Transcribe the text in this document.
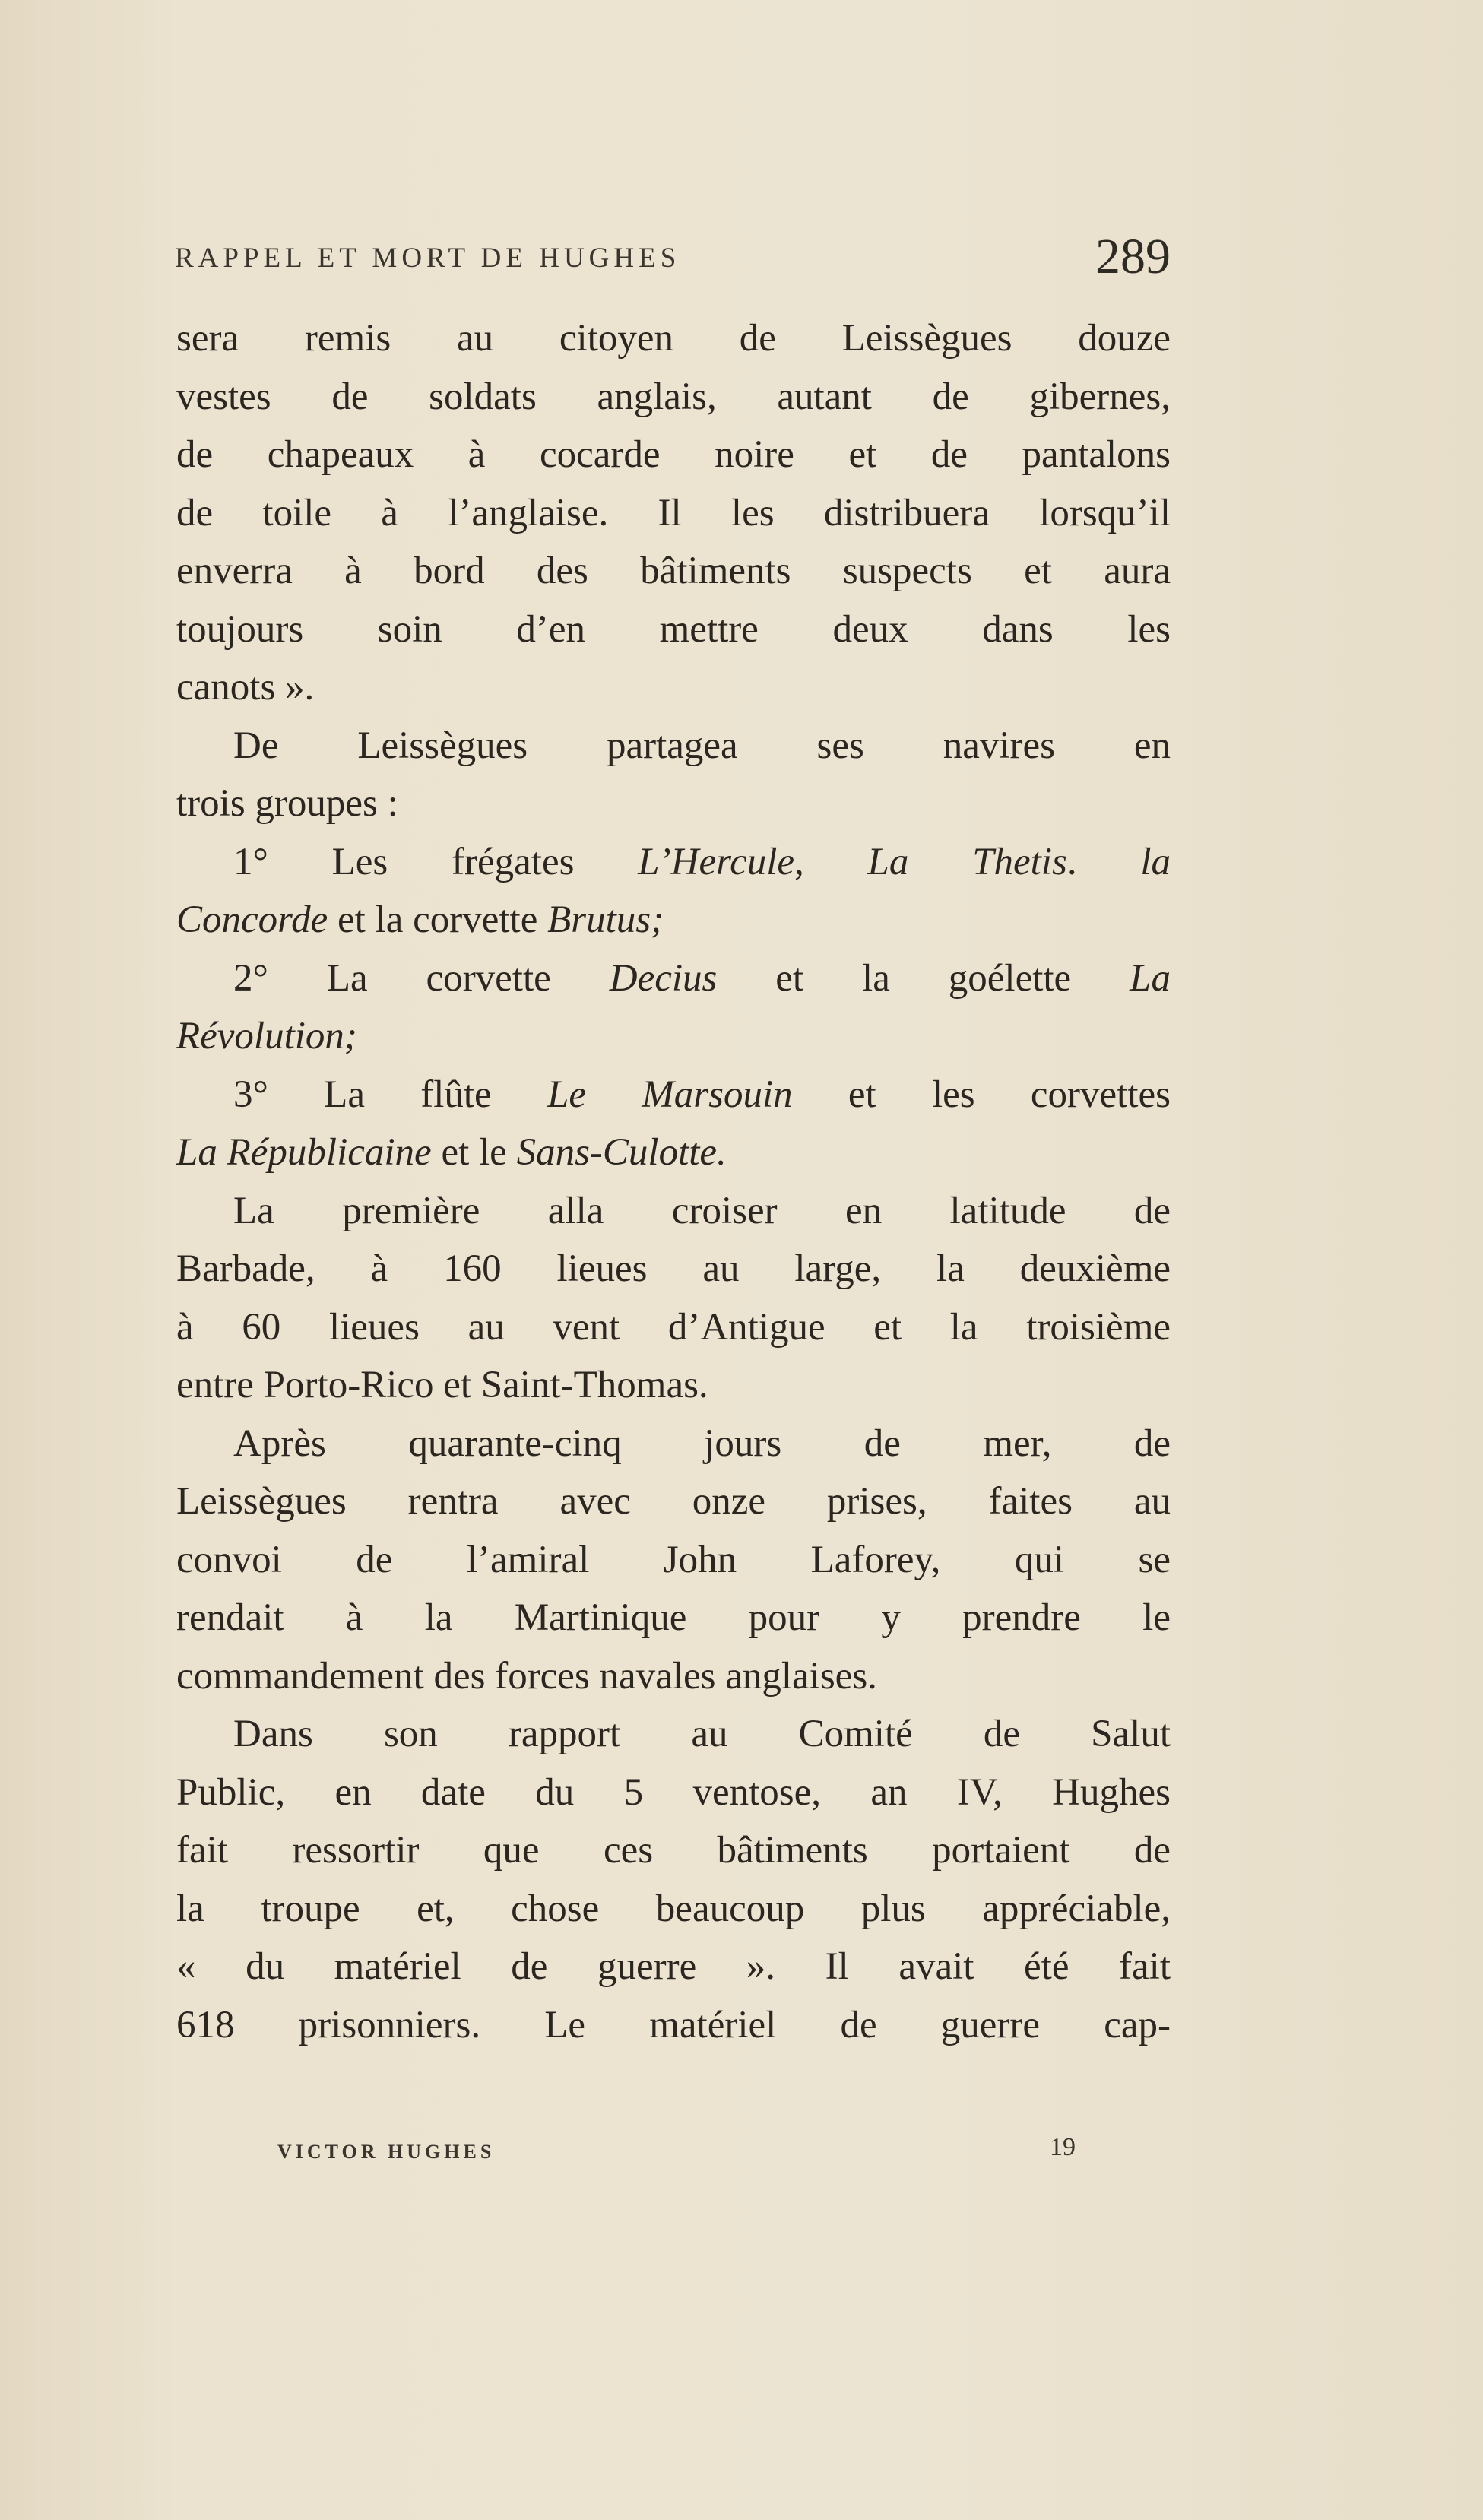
RAPPEL ET MORT DE HUGHES	289
sera remis au citoyen de Leissègues douze
vestes de soldats anglais, autant de gibernes,
de chapeaux à cocarde noire et de pantalons
de toile à l’anglaise. Il les distribuera lorsqu’il
enverra à bord des bâtiments suspects et aura
toujours soin d’en mettre deux dans les
canots ».
De Leissègues partagea ses navires en
trois groupes :
1° Les frégates L’Hercule, La Thetis. la
Concorde et la corvette Brutus;
2° La corvette Decius et la goélette La
Révolution;
3° La flûte Le Marsouin et les corvettes
La Républicaine et le Sans-Culotte.
La première alla croiser en latitude de
Barbade, à 160 lieues au large, la deuxième
à 60 lieues au vent d’Antigue et la troisième
entre Porto-Rico et Saint-Thomas.
Après quarante-cinq jours de mer, de
Leissègues rentra avec onze prises, faites au
convoi de l’amiral John Laforey, qui se
rendait à la Martinique pour y prendre le
commandement des forces navales anglaises.
Dans son rapport au Comité de Salut
Public, en date du 5 ventose, an IV, Hughes
fait ressortir que ces bâtiments portaient de
la troupe et, chose beaucoup plus appréciable,
« du matériel de guerre ». Il avait été fait
618 prisonniers. Le matériel de guerre cap-
VICTOR HUGHES	19
